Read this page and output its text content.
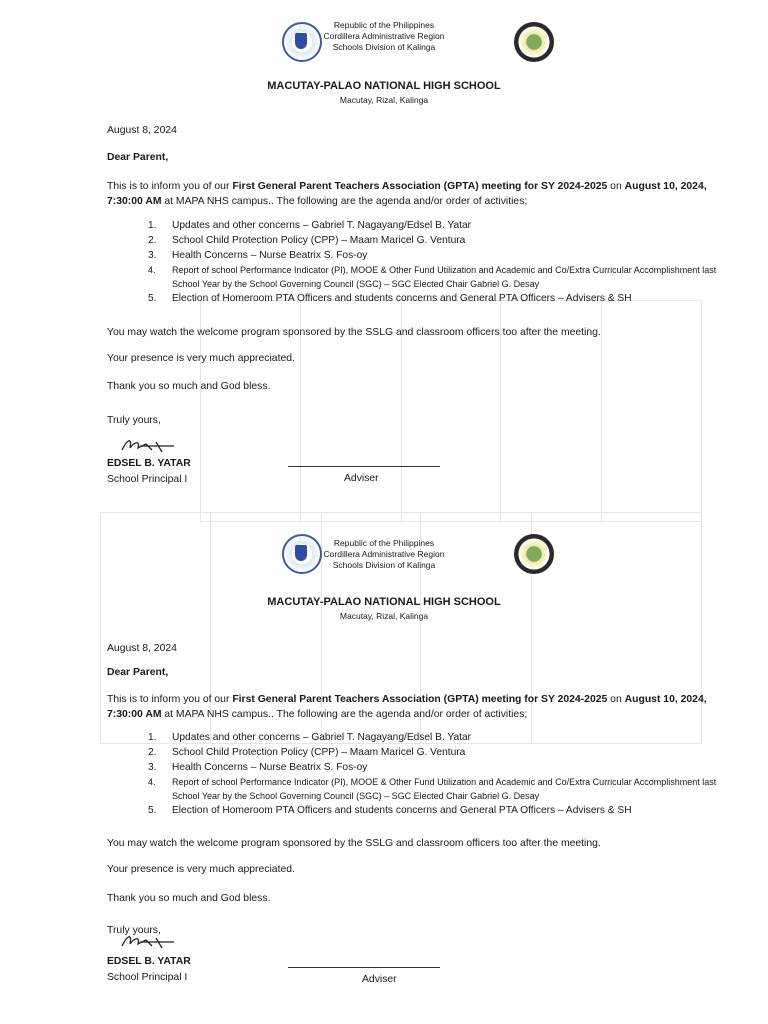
Republic of the Philippines
Cordillera Administrative Region
Schools Division of Kalinga
MACUTAY-PALAO NATIONAL HIGH SCHOOL
Macutay, Rizal, Kalinga
August 8, 2024
Dear Parent,
This is to inform you of our First General Parent Teachers Association (GPTA) meeting for SY 2024-2025 on August 10, 2024, 7:30:00 AM at MAPA NHS campus.. The following are the agenda and/or order of activities;
1. Updates and other concerns – Gabriel T. Nagayang/Edsel B. Yatar
2. School Child Protection Policy (CPP) – Maam Maricel G. Ventura
3. Health Concerns – Nurse Beatrix S. Fos-oy
4. Report of school Performance Indicator (PI), MOOE & Other Fund Utilization and Academic and Co/Extra Curricular Accomplishment last School Year by the School Governing Council (SGC) – SGC Elected Chair Gabriel G. Desay
5. Election of Homeroom PTA Officers and students concerns and General PTA Officers – Advisers & SH
You may watch the welcome program sponsored by the SSLG and classroom officers too after the meeting.
Your presence is very much appreciated.
Thank you so much and God bless.
Truly yours,
EDSEL B. YATAR
School Principal I	Adviser
Republic of the Philippines
Cordillera Administrative Region
Schools Division of Kalinga
MACUTAY-PALAO NATIONAL HIGH SCHOOL
Macutay, Rizal, Kalinga
August 8, 2024
Dear Parent,
This is to inform you of our First General Parent Teachers Association (GPTA) meeting for SY 2024-2025 on August 10, 2024, 7:30:00 AM at MAPA NHS campus.. The following are the agenda and/or order of activities;
1. Updates and other concerns – Gabriel T. Nagayang/Edsel B. Yatar
2. School Child Protection Policy (CPP) – Maam Maricel G. Ventura
3. Health Concerns – Nurse Beatrix S. Fos-oy
4. Report of school Performance Indicator (PI), MOOE & Other Fund Utilization and Academic and Co/Extra Curricular Accomplishment last School Year by the School Governing Council (SGC) – SGC Elected Chair Gabriel G. Desay
5. Election of Homeroom PTA Officers and students concerns and General PTA Officers – Advisers & SH
You may watch the welcome program sponsored by the SSLG and classroom officers too after the meeting.
Your presence is very much appreciated.
Thank you so much and God bless.
Truly yours,
EDSEL B. YATAR
School Principal I	Adviser
